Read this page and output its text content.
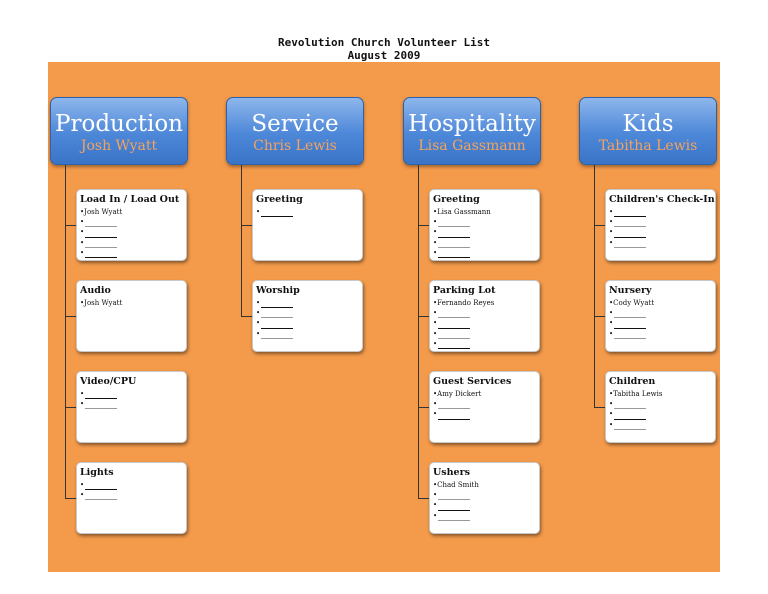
Revolution Church Volunteer List
August 2009
Production
Josh Wyatt
Load In / Load Out
•Josh Wyatt
•
•
•
•
Audio
•Josh Wyatt
Video/CPU
•
•
Lights
•
•
Service
Chris Lewis
Greeting
•
Worship
•
•
•
•
Hospitality
Lisa Gassmann
Greeting
•Lisa Gassmann
•
•
•
•
Parking Lot
•Fernando Reyes
•
•
•
•
Guest Services
•Amy Dickert
•
•
Ushers
•Chad Smith
•
•
•
Kids
Tabitha Lewis
Children's Check-In
•
•
•
•
Nursery
•Cody Wyatt
•
•
•
Children
•Tabitha Lewis
•
•
•
